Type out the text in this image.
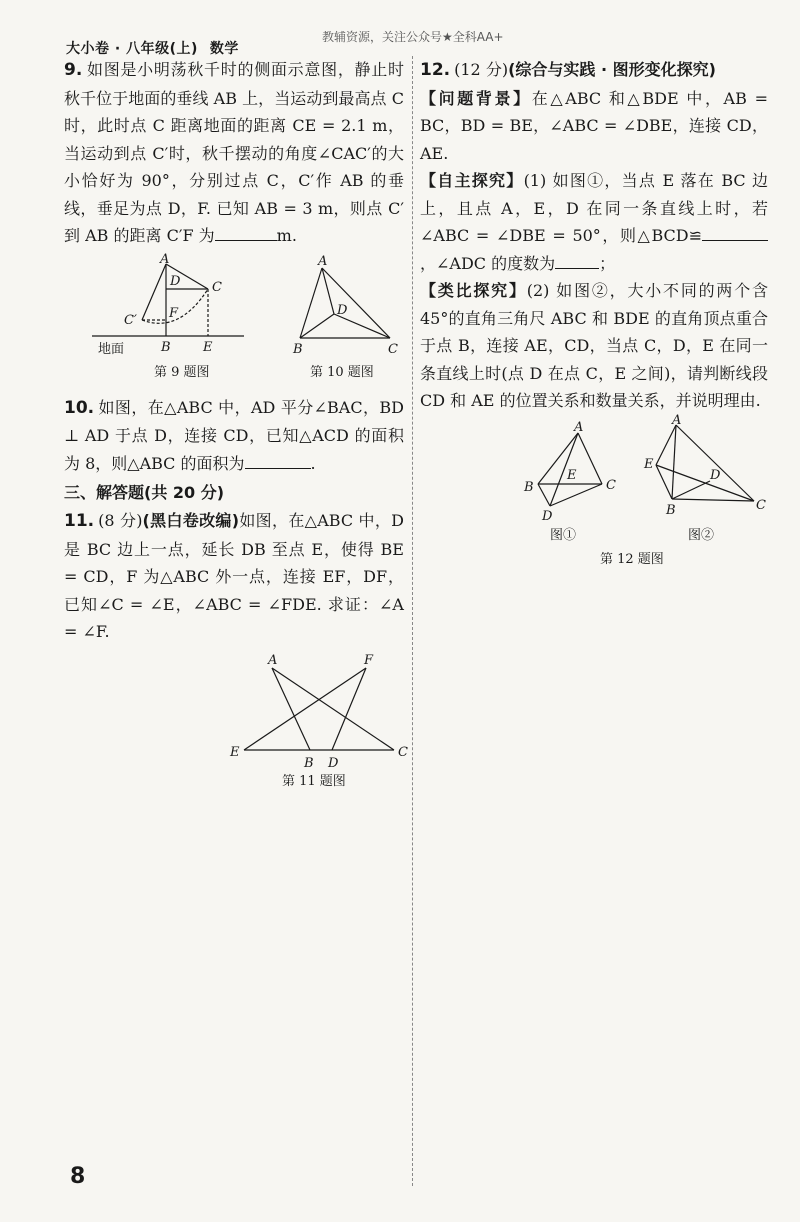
大小卷 · 八年级(上) 数学
教辅资源，关注公众号★全科AA+
8
9. 如图是小明荡秋千时的侧面示意图，静止时秋千位于地面的垂线 AB 上，当运动到最高点 C 时，此时点 C 距离地面的距离 CE = 2.1 m，当运动到点 C′时，秋千摆动的角度∠CAC′的大小恰好为 90°，分别过点 C，C′作 AB 的垂线，垂足为点 D，F. 已知 AB = 3 m，则点 C′到 AB 的距离 C′F 为	m.
A
D C
F
C′
地面	B E
第 9 题图
A
D
B	C
第 10 题图
10. 如图，在△ABC 中，AD 平分∠BAC，BD ⊥ AD 于点 D，连接 CD，已知△ACD 的面积为 8，则△ABC 的面积为	.
三、解答题(共 20 分)
11. (8 分)(黑白卷改编)如图，在△ABC 中，D 是 BC 边上一点，延长 DB 至点 E，使得 BE = CD，F 为△ABC 外一点，连接 EF，DF，已知∠C = ∠E，∠ABC = ∠FDE. 求证：∠A = ∠F.
A	F
E
B D
C
第 11 题图
12. (12 分)(综合与实践 · 图形变化探究)
【问题背景】在△ABC 和△BDE 中，AB = BC，BD = BE，∠ABC = ∠DBE，连接 CD，AE.
【自主探究】(1) 如图①，当点 E 落在 BC 边上，且点 A，E，D 在同一条直线上时，若∠ABC = ∠DBE = 50°，则△BCD≌，∠ADC 的度数为	；
【类比探究】(2) 如图②，大小不同的两个含 45°的直角三角尺 ABC 和 BDE 的直角顶点重合于点 B，连接 AE，CD，当点 C，D，E 在同一条直线上时(点 D 在点 C，E 之间)，请判断线段 CD 和 AE 的位置关系和数量关系，并说明理由.
A
B
E
C
D
图①
A
E
D
B	C
图②
第 12 题图
